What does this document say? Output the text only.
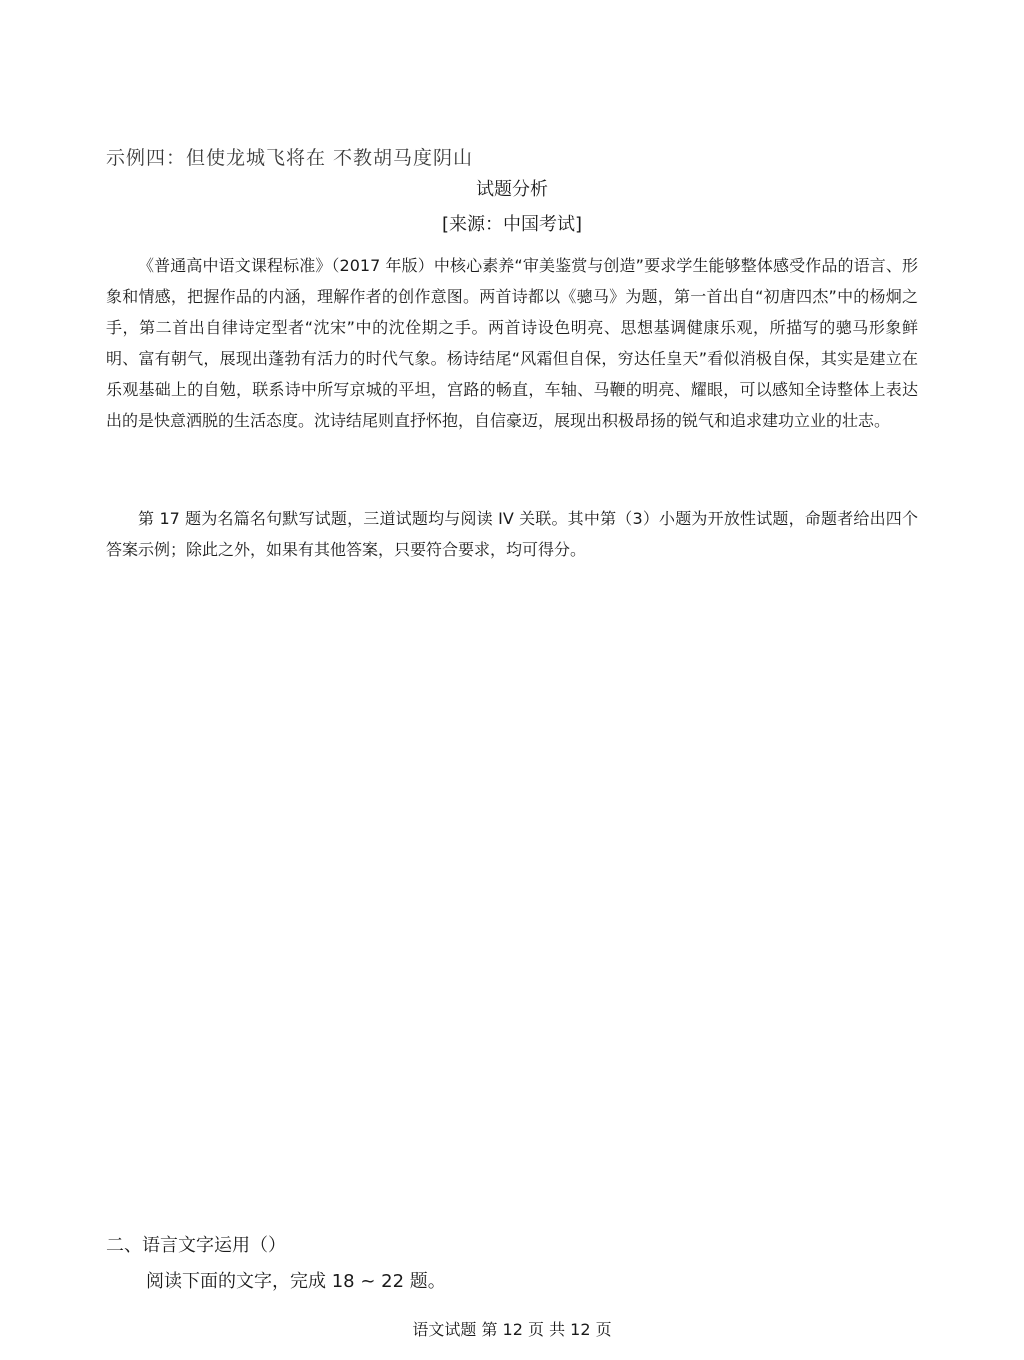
示例四：但使龙城飞将在 不教胡马度阴山
试题分析
[来源：中国考试]

《普通高中语文课程标准》（2017 年版）中核心素养“审美鉴赏与创造”要求学生能够整体感受作品的语言、形象和情感，把握作品的内涵，理解作者的创作意图。两首诗都以《骢马》为题，第一首出自“初唐四杰”中的杨炯之手，第二首出自律诗定型者“沈宋”中的沈佺期之手。两首诗设色明亮、思想基调健康乐观，所描写的骢马形象鲜明、富有朝气，展现出蓬勃有活力的时代气象。杨诗结尾“风霜但自保，穷达任皇天”看似消极自保，其实是建立在乐观基础上的自勉，联系诗中所写京城的平坦，宫路的畅直，车轴、马鞭的明亮、耀眼，可以感知全诗整体上表达出的是快意洒脱的生活态度。沈诗结尾则直抒怀抱，自信豪迈，展现出积极昂扬的锐气和追求建功立业的壮志。

第 17 题为名篇名句默写试题，三道试题均与阅读 IV 关联。其中第（3）小题为开放性试题，命题者给出四个答案示例；除此之外，如果有其他答案，只要符合要求，均可得分。

二、语言文字运用（）
阅读下面的文字，完成 18 ~ 22 题。
语文试题 第 12 页 共 12 页
